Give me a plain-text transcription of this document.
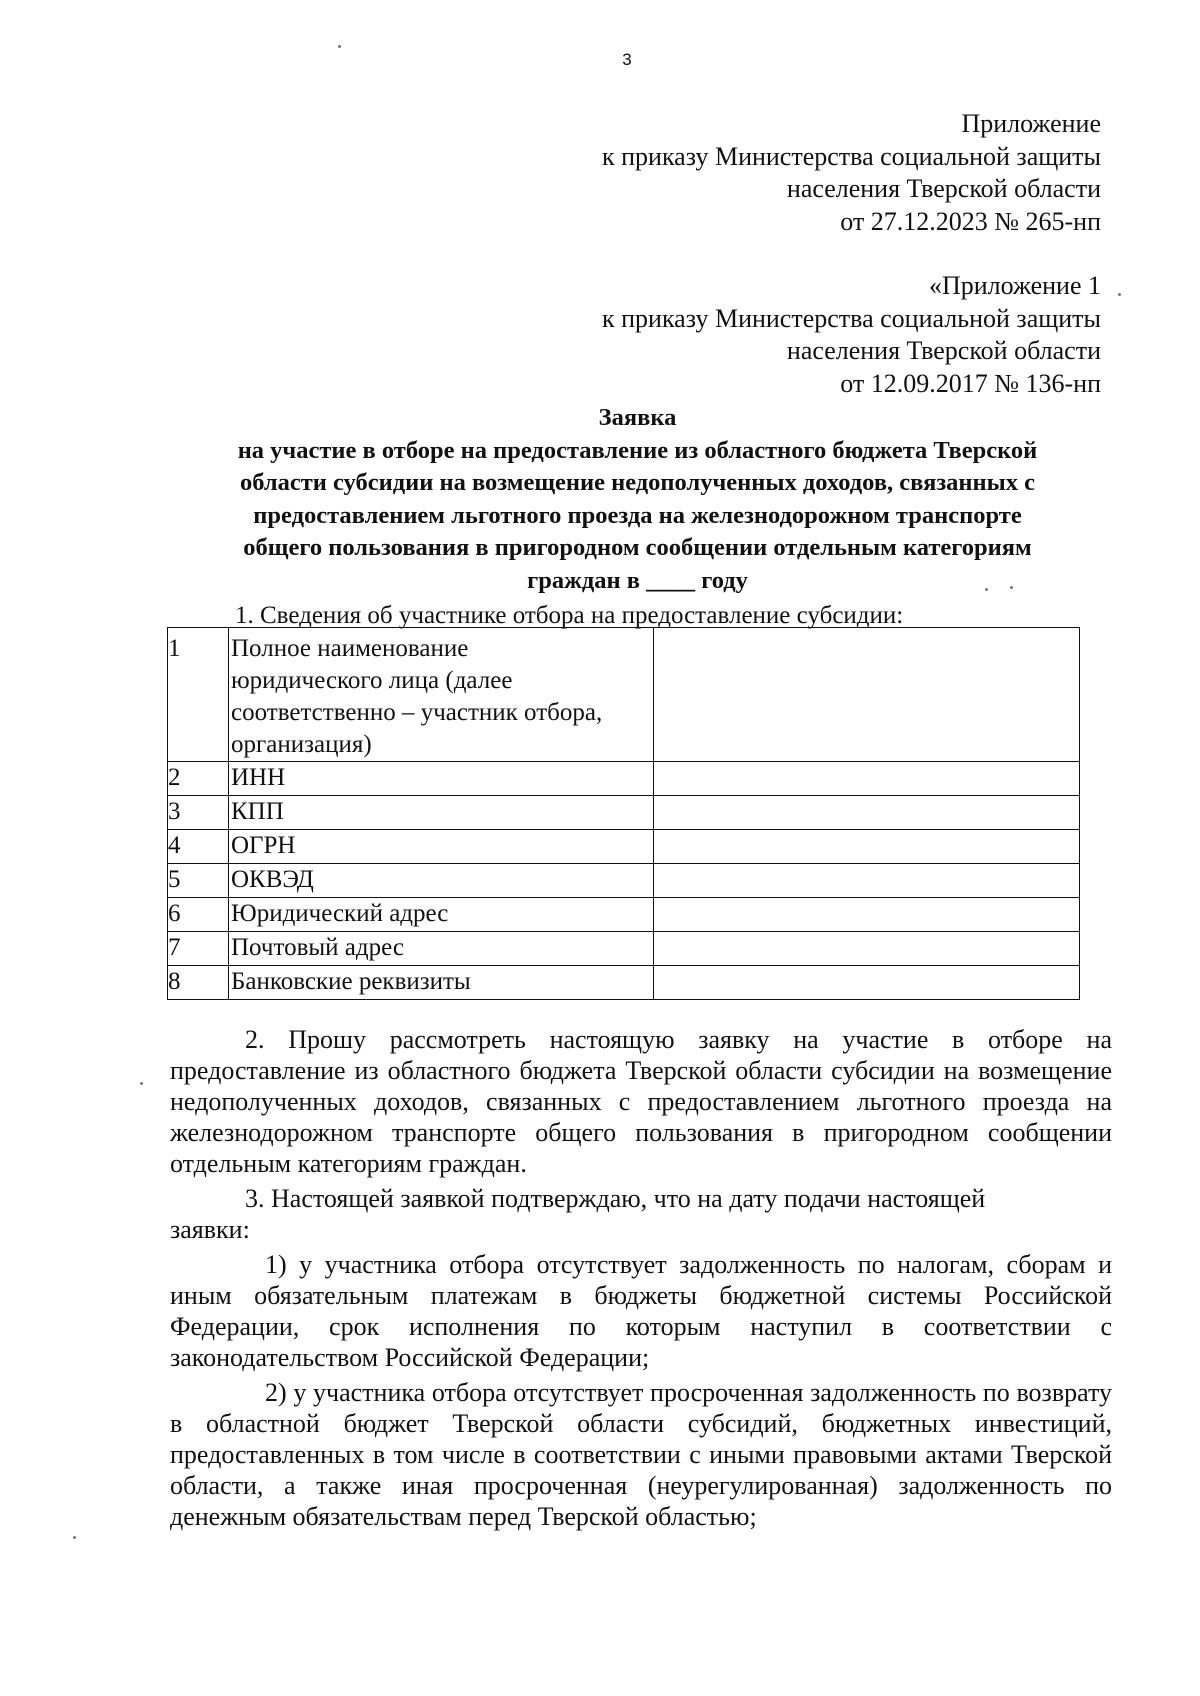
3
Приложение
к приказу Министерства социальной защиты
населения Тверской области
от 27.12.2023 № 265-нп
«Приложение 1
к приказу Министерства социальной защиты
населения Тверской области
от 12.09.2017 № 136-нп
Заявка
на участие в отборе на предоставление из областного бюджета Тверской
области субсидии на возмещение недополученных доходов, связанных с
предоставлением льготного проезда на железнодорожном транспорте
общего пользования в пригородном сообщении отдельным категориям
граждан в ____ году
1. Сведения об участнике отбора на предоставление субсидии:
1	Полное наименование
юридического лица (далее
соответственно – участник отбора,
организация)	

2	ИНН	
3	КПП	
4	ОГРН	
5	ОКВЭД	
6	Юридический адрес	
7	Почтовый адрес	
8	Банковские реквизиты	

2. Прошу рассмотреть настоящую заявку на участие в отборе на предоставление из областного бюджета Тверской области субсидии на возмещение недополученных доходов, связанных с предоставлением льготного проезда на железнодорожном транспорте общего пользования в пригородном сообщении отдельным категориям граждан.

3. Настоящей заявкой подтверждаю, что на дату подачи настоящей

заявки:

1) у участника отбора отсутствует задолженность по налогам, сборам и иным обязательным платежам в бюджеты бюджетной системы Российской Федерации, срок исполнения по которым наступил в соответствии с законодательством Российской Федерации;

2) у участника отбора отсутствует просроченная задолженность по возврату в областной бюджет Тверской области субсидий, бюджетных инвестиций, предоставленных в том числе в соответствии с иными правовыми актами Тверской области, а также иная просроченная (неурегулированная) задолженность по денежным обязательствам перед Тверской областью;
